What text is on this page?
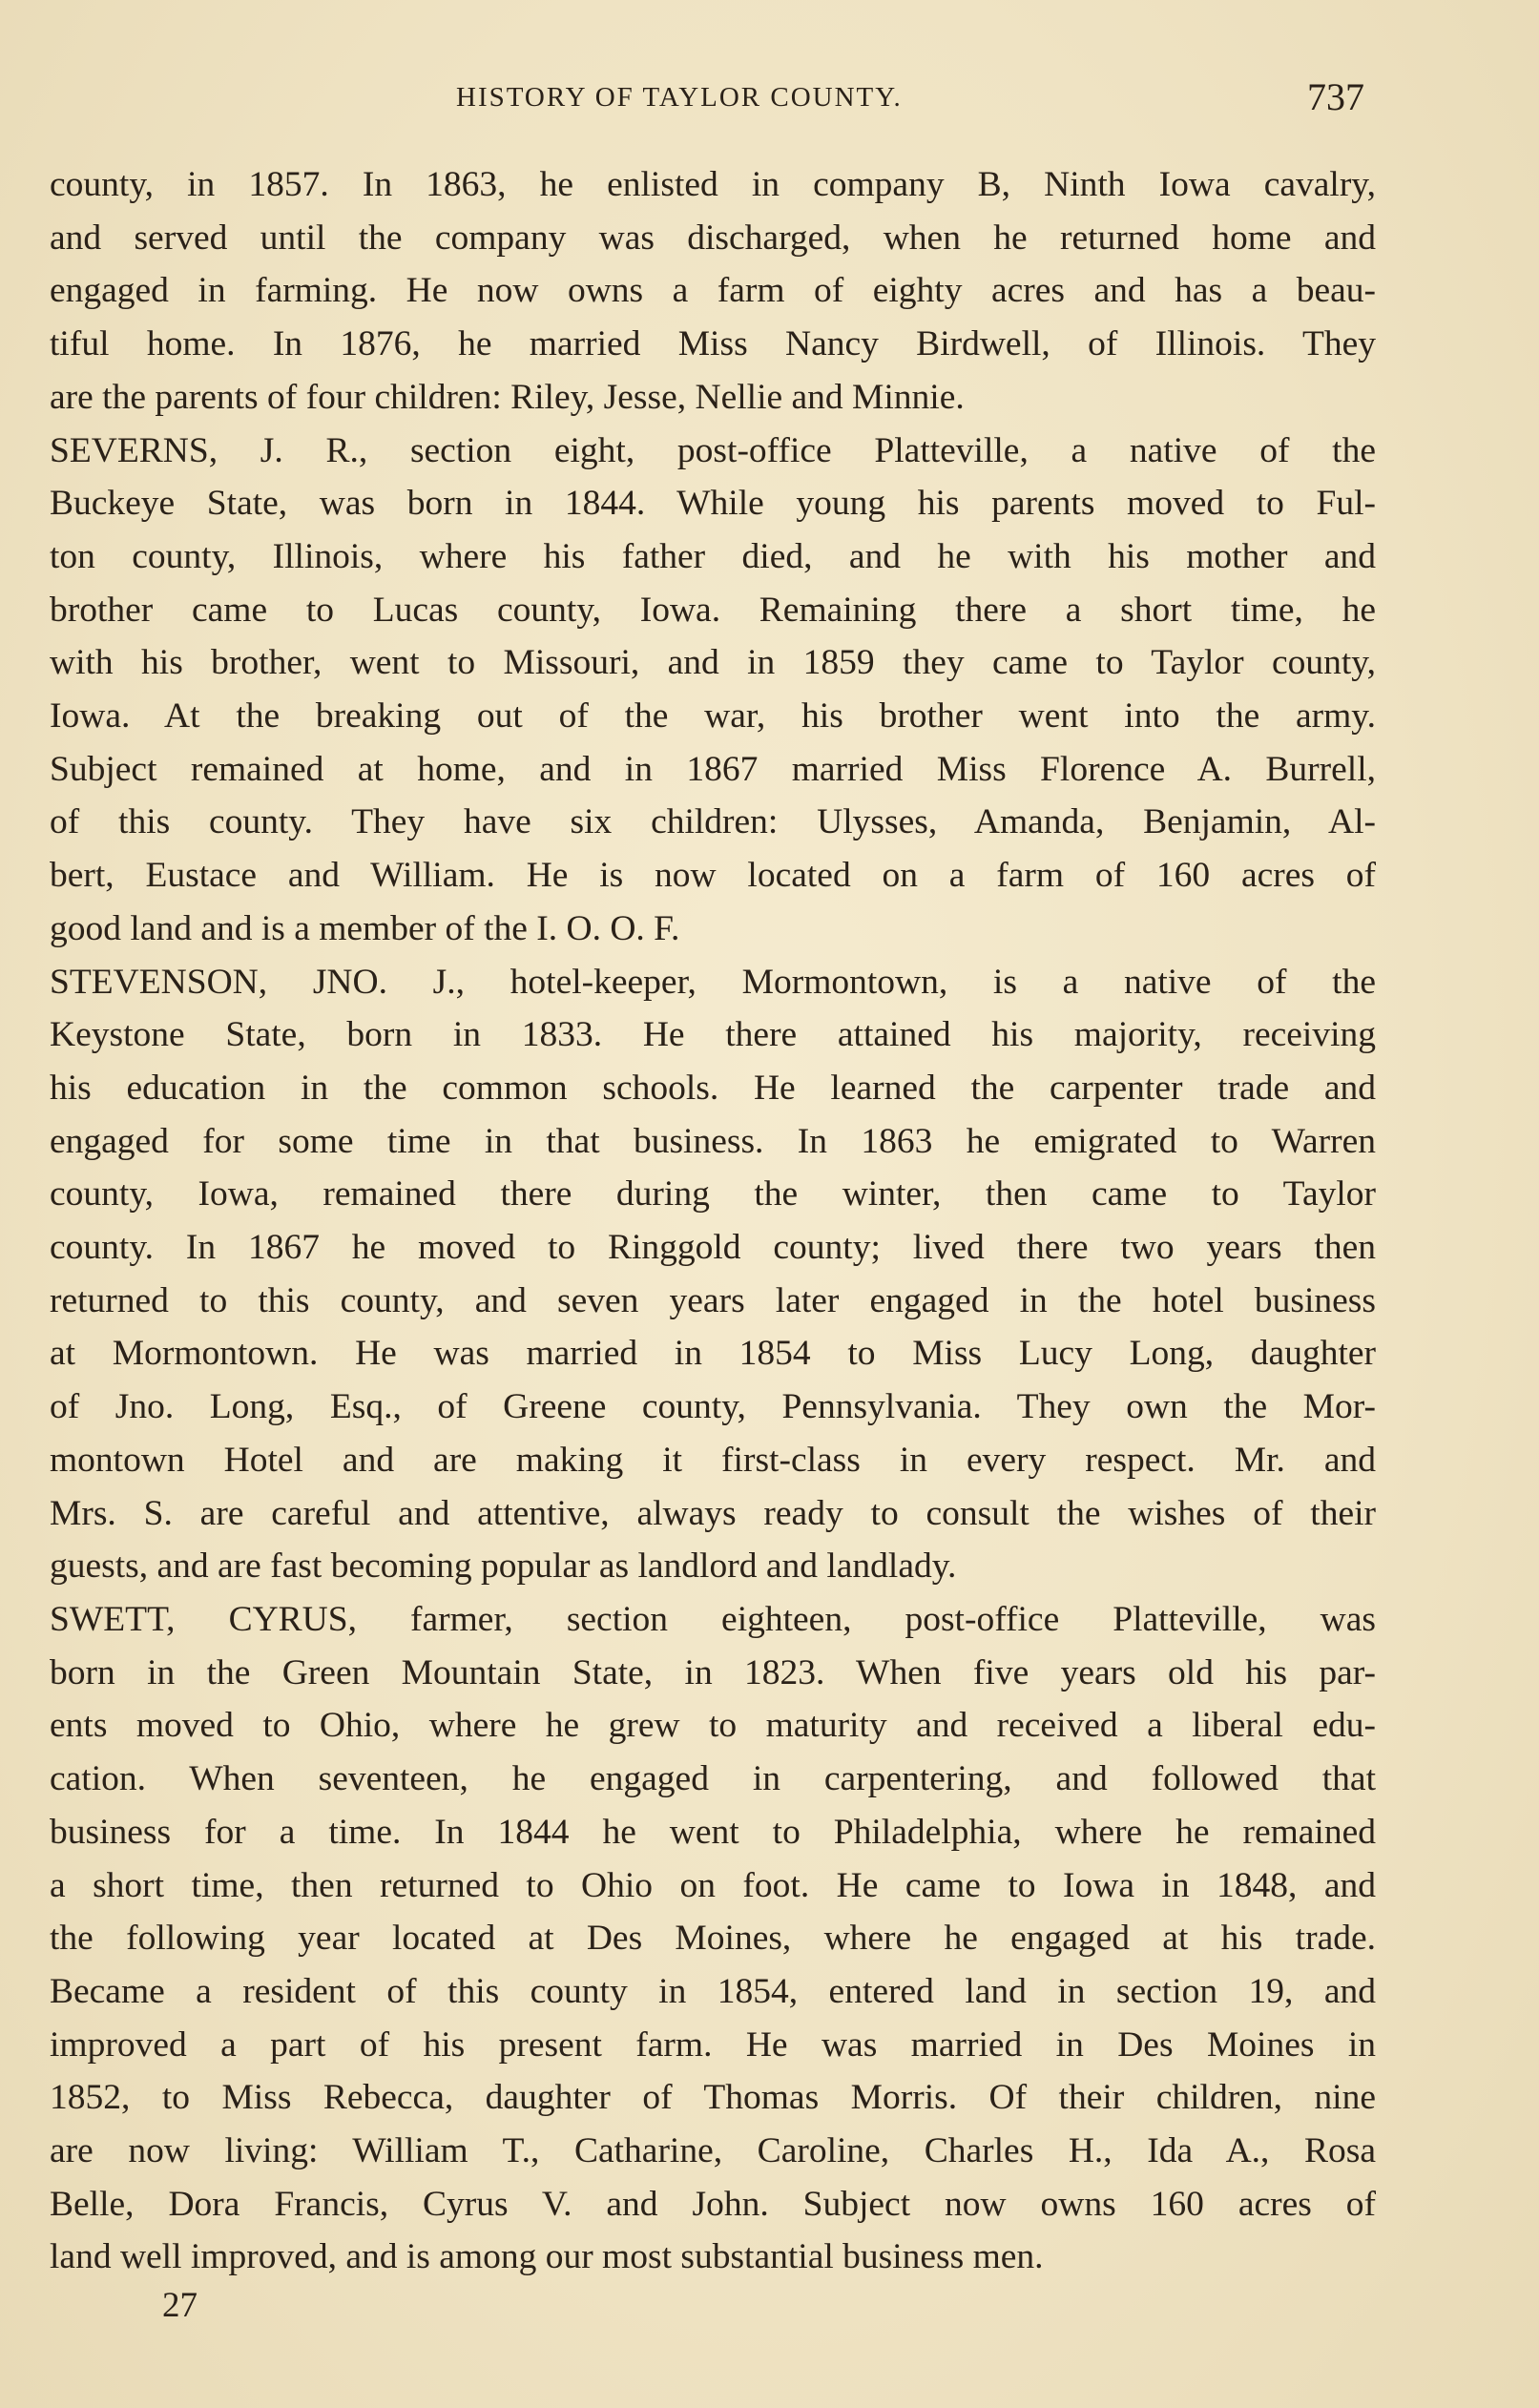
HISTORY OF TAYLOR COUNTY.	737
county, in 1857. In 1863, he enlisted in company B, Ninth Iowa cavalry,
and served until the company was discharged, when he returned home and
engaged in farming. He now owns a farm of eighty acres and has a beau-
tiful home. In 1876, he married Miss Nancy Birdwell, of Illinois. They
are the parents of four children: Riley, Jesse, Nellie and Minnie.
SEVERNS, J. R., section eight, post-office Platteville, a native of the
Buckeye State, was born in 1844. While young his parents moved to Ful-
ton county, Illinois, where his father died, and he with his mother and
brother came to Lucas county, Iowa. Remaining there a short time, he
with his brother, went to Missouri, and in 1859 they came to Taylor county,
Iowa. At the breaking out of the war, his brother went into the army.
Subject remained at home, and in 1867 married Miss Florence A. Burrell,
of this county. They have six children: Ulysses, Amanda, Benjamin, Al-
bert, Eustace and William. He is now located on a farm of 160 acres of
good land and is a member of the I. O. O. F.
STEVENSON, JNO. J., hotel-keeper, Mormontown, is a native of the
Keystone State, born in 1833. He there attained his majority, receiving
his education in the common schools. He learned the carpenter trade and
engaged for some time in that business. In 1863 he emigrated to Warren
county, Iowa, remained there during the winter, then came to Taylor
county. In 1867 he moved to Ringgold county; lived there two years then
returned to this county, and seven years later engaged in the hotel business
at Mormontown. He was married in 1854 to Miss Lucy Long, daughter
of Jno. Long, Esq., of Greene county, Pennsylvania. They own the Mor-
montown Hotel and are making it first-class in every respect. Mr. and
Mrs. S. are careful and attentive, always ready to consult the wishes of their
guests, and are fast becoming popular as landlord and landlady.
SWETT, CYRUS, farmer, section eighteen, post-office Platteville, was
born in the Green Mountain State, in 1823. When five years old his par-
ents moved to Ohio, where he grew to maturity and received a liberal edu-
cation. When seventeen, he engaged in carpentering, and followed that
business for a time. In 1844 he went to Philadelphia, where he remained
a short time, then returned to Ohio on foot. He came to Iowa in 1848, and
the following year located at Des Moines, where he engaged at his trade.
Became a resident of this county in 1854, entered land in section 19, and
improved a part of his present farm. He was married in Des Moines in
1852, to Miss Rebecca, daughter of Thomas Morris. Of their children, nine
are now living: William T., Catharine, Caroline, Charles H., Ida A., Rosa
Belle, Dora Francis, Cyrus V. and John. Subject now owns 160 acres of
land well improved, and is among our most substantial business men.
27
